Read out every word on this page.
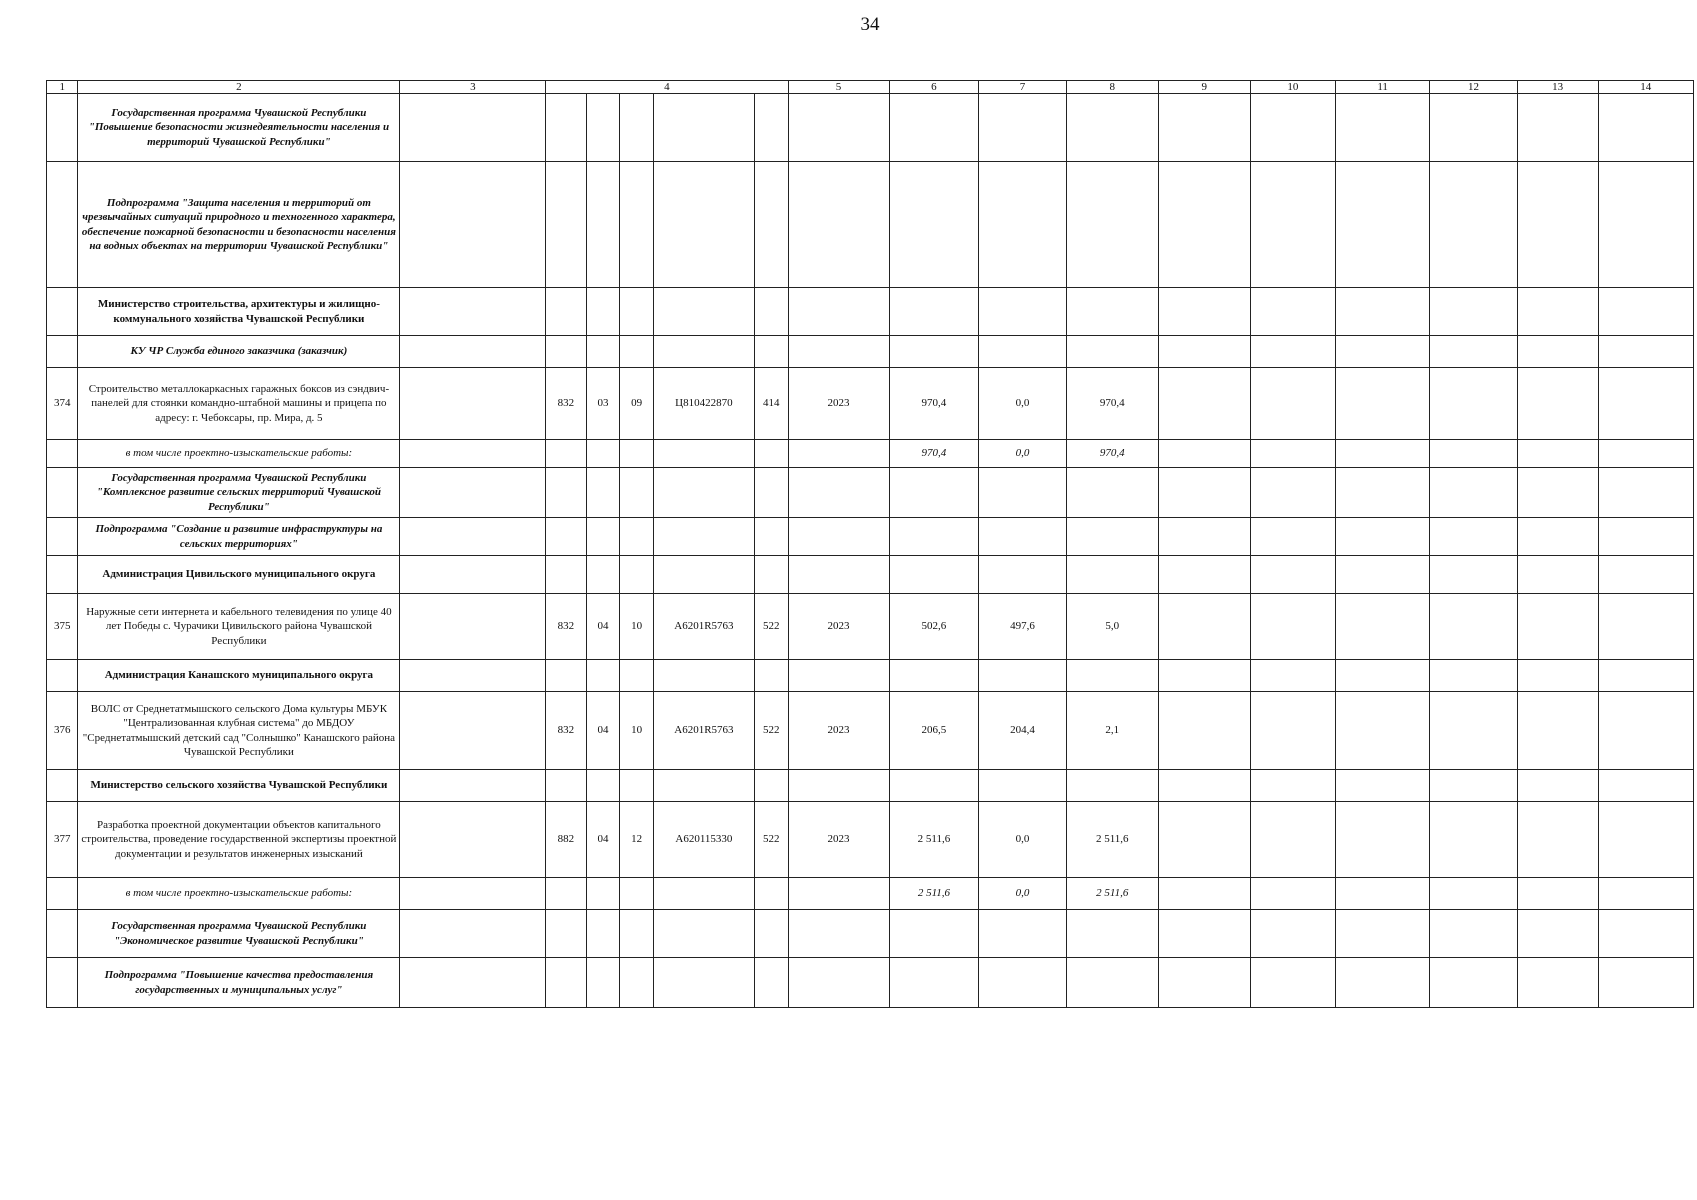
34
1	2	3	4					5	6	7	8	9	10	11	12	13	14
	Государственная программа Чувашской Республики "Повышение безопасности жизнедеятельности населения и территорий Чувашской Республики"																
	Подпрограмма "Защита населения и территорий от чрезвычайных ситуаций природного и техногенного характера, обеспечение пожарной безопасности и безопасности населения на водных объектах на территории Чувашской Республики"																
	Министерство строительства, архитектуры и жилищно-коммунального хозяйства Чувашской Республики																
	КУ ЧР Служба единого заказчика (заказчик)																
374	Строительство металлокаркасных гаражных боксов из сэндвич-панелей для стоянки командно-штабной машины и прицепа по адресу: г. Чебоксары, пр. Мира, д. 5		832	03	09	Ц810422870	414	2023	970,4	0,0	970,4						
	в том числе проектно-изыскательские работы:								970,4	0,0	970,4						
	Государственная программа Чувашской Республики "Комплексное развитие сельских территорий Чувашской Республики"																
	Подпрограмма "Создание и развитие инфраструктуры на сельских территориях"																
	Администрация Цивильского муниципального округа																
375	Наружные сети интернета и кабельного телевидения по улице 40 лет Победы с. Чурачики Цивильского района Чувашской Республики		832	04	10	А6201R5763	522	2023	502,6	497,6	5,0						
	Администрация Канашского муниципального округа																
376	ВОЛС от Среднетатмышского сельского Дома культуры МБУК "Централизованная клубная система" до МБДОУ "Среднетатмышский детский сад "Солнышко" Канашского района Чувашской Республики		832	04	10	А6201R5763	522	2023	206,5	204,4	2,1						
	Министерство сельского хозяйства Чувашской Республики																
377	Разработка проектной документации объектов капитального строительства, проведение государственной экспертизы проектной документации и результатов инженерных изысканий		882	04	12	А620115330	522	2023	2 511,6	0,0	2 511,6						
	в том числе проектно-изыскательские работы:								2 511,6	0,0	2 511,6						
	Государственная программа Чувашской Республики "Экономическое развитие Чувашской Республики"																
	Подпрограмма "Повышение качества предоставления государственных и муниципальных услуг"																
